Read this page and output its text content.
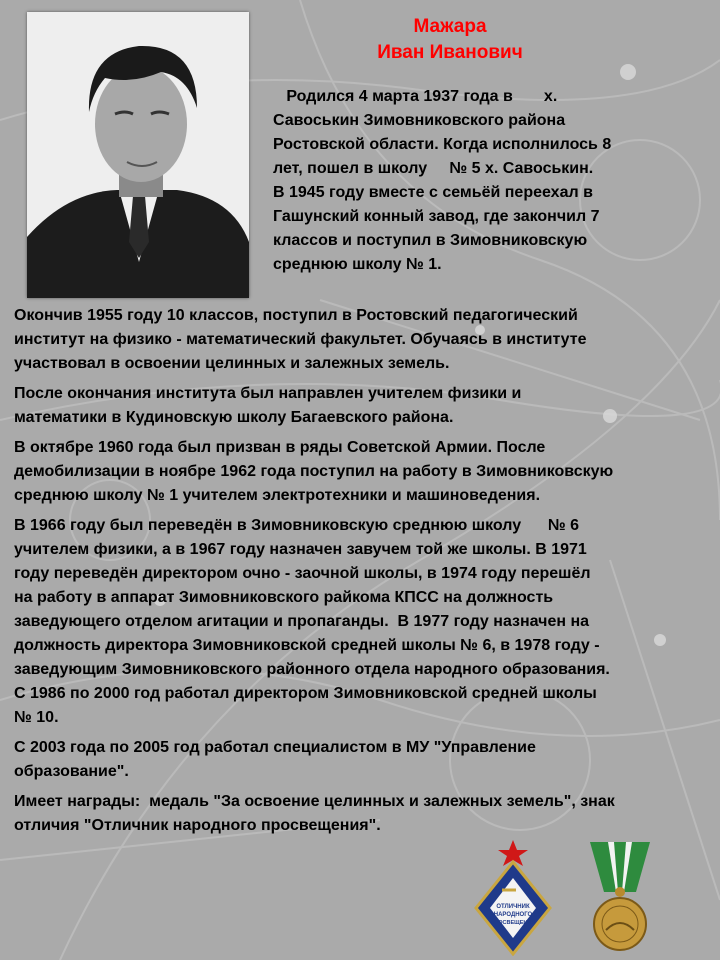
Мажара
Иван Иванович
Родился 4 марта 1937 года в       х.
Савоськин Зимовниковского района
Ростовской области. Когда исполнилось 8
лет, пошел в школу     № 5 х. Савоськин.
В 1945 году вместе с семьёй переехал в
Гашунский конный завод, где закончил 7
классов и поступил в Зимовниковскую
среднюю школу № 1.
Окончив 1955 году 10 классов, поступил в Ростовский педагогический
институт на физико - математический факультет. Обучаясь в институте
участвовал в освоении целинных и залежных земель.
После окончания института был направлен учителем физики и
математики в Кудиновскую школу Багаевского района.
В октябре 1960 года был призван в ряды Советской Армии. После
демобилизации в ноябре 1962 года поступил на работу в Зимовниковскую
среднюю школу № 1 учителем электротехники и машиноведения.
В 1966 году был переведён в Зимовниковскую среднюю школу      № 6
учителем физики, а в 1967 году назначен завучем той же школы. В 1971
году переведён директором очно - заочной школы, в 1974 году перешёл
на работу в аппарат Зимовниковского райкома КПСС на должность
заведующего отделом агитации и пропаганды.  В 1977 году назначен на
должность директора Зимовниковской средней школы № 6, в 1978 году -
заведующим Зимовниковского районного отдела народного образования.
С 1986 по 2000 год работал директором Зимовниковской средней школы
№ 10.
С 2003 года по 2005 год работал специалистом в МУ "Управление
образование".
Имеет награды:  медаль "За освоение целинных и залежных земель", знак
отличия "Отличник народного просвещения".
ОТЛИЧНИК
НАРОДНОГО
ПРОСВЕЩЕНИЯ
